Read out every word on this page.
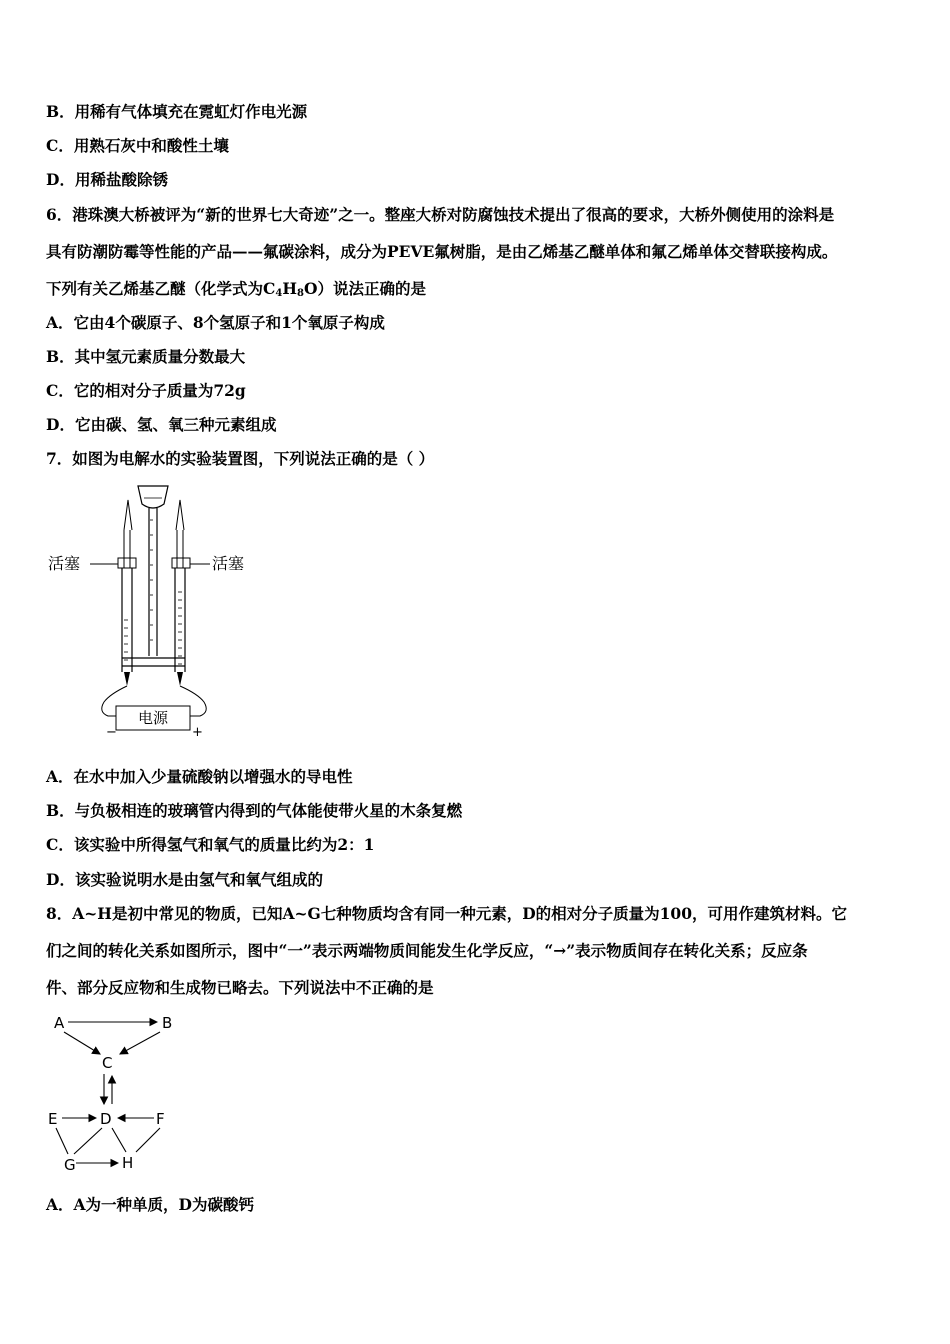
B．用稀有气体填充在霓虹灯作电光源
C．用熟石灰中和酸性土壤
D．用稀盐酸除锈
6．港珠澳大桥被评为“新的世界七大奇迹”之一。整座大桥对防腐蚀技术提出了很高的要求，大桥外侧使用的涂料是
具有防潮防霉等性能的产品——氟碳涂料，成分为PEVE氟树脂，是由乙烯基乙醚单体和氟乙烯单体交替联接构成。
下列有关乙烯基乙醚（化学式为$C_4H_8O$）说法正确的是
A．它由4个碳原子、8个氢原子和1个氧原子构成
B．其中氢元素质量分数最大
C．它的相对分子质量为72g
D．它由碳、氢、氧三种元素组成
7．如图为电解水的实验装置图，下列说法正确的是（ ）
电源
−	+
活塞	活塞
A．在水中加入少量硫酸钠以增强水的导电性
B．与负极相连的玻璃管内得到的气体能使带火星的木条复燃
C．该实验中所得氢气和氧气的质量比约为2：1
D．该实验说明水是由氢气和氧气组成的
8．A~H是初中常见的物质，已知A~G七种物质均含有同一种元素，D的相对分子质量为100，可用作建筑材料。它
们之间的转化关系如图所示，图中“一”表示两端物质间能发生化学反应，“→”表示物质间存在转化关系；反应条
件、部分反应物和生成物已略去。下列说法中不正确的是
A	B
C
D
E	F
G	H
A．A为一种单质，D为碳酸钙
